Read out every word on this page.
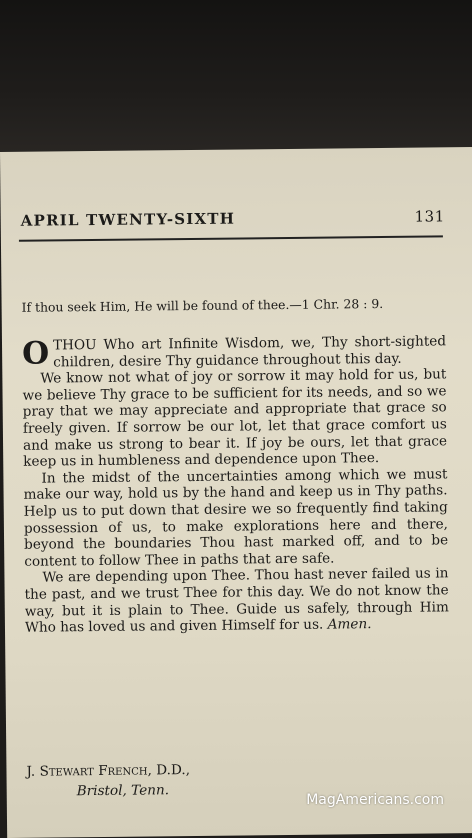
APRIL TWENTY-SIXTH	131
If thou seek Him, He will be found of thee.—1 Chr. 28 : 9.

OTHOU Who art Infinite Wisdom, we, Thy short-sighted children, desire Thy guidance throughout this day.

We know not what of joy or sorrow it may hold for us, but we believe Thy grace to be sufficient for its needs, and so we pray that we may appreciate and appropriate that grace so freely given. If sorrow be our lot, let that grace comfort us and make us strong to bear it. If joy be ours, let that grace keep us in humbleness and dependence upon Thee.

In the midst of the uncertainties among which we must make our way, hold us by the hand and keep us in Thy paths. Help us to put down that desire we so frequently find taking possession of us, to make explorations here and there, beyond the boundaries Thou hast marked off, and to be content to follow Thee in paths that are safe.

We are depending upon Thee. Thou hast never failed us in the past, and we trust Thee for this day. We do not know the way, but it is plain to Thee. Guide us safely, through Him Who has loved us and given Himself for us. Amen.

J. Stewart French, D.D.,
Bristol, Tenn.
MagAmericans.com
